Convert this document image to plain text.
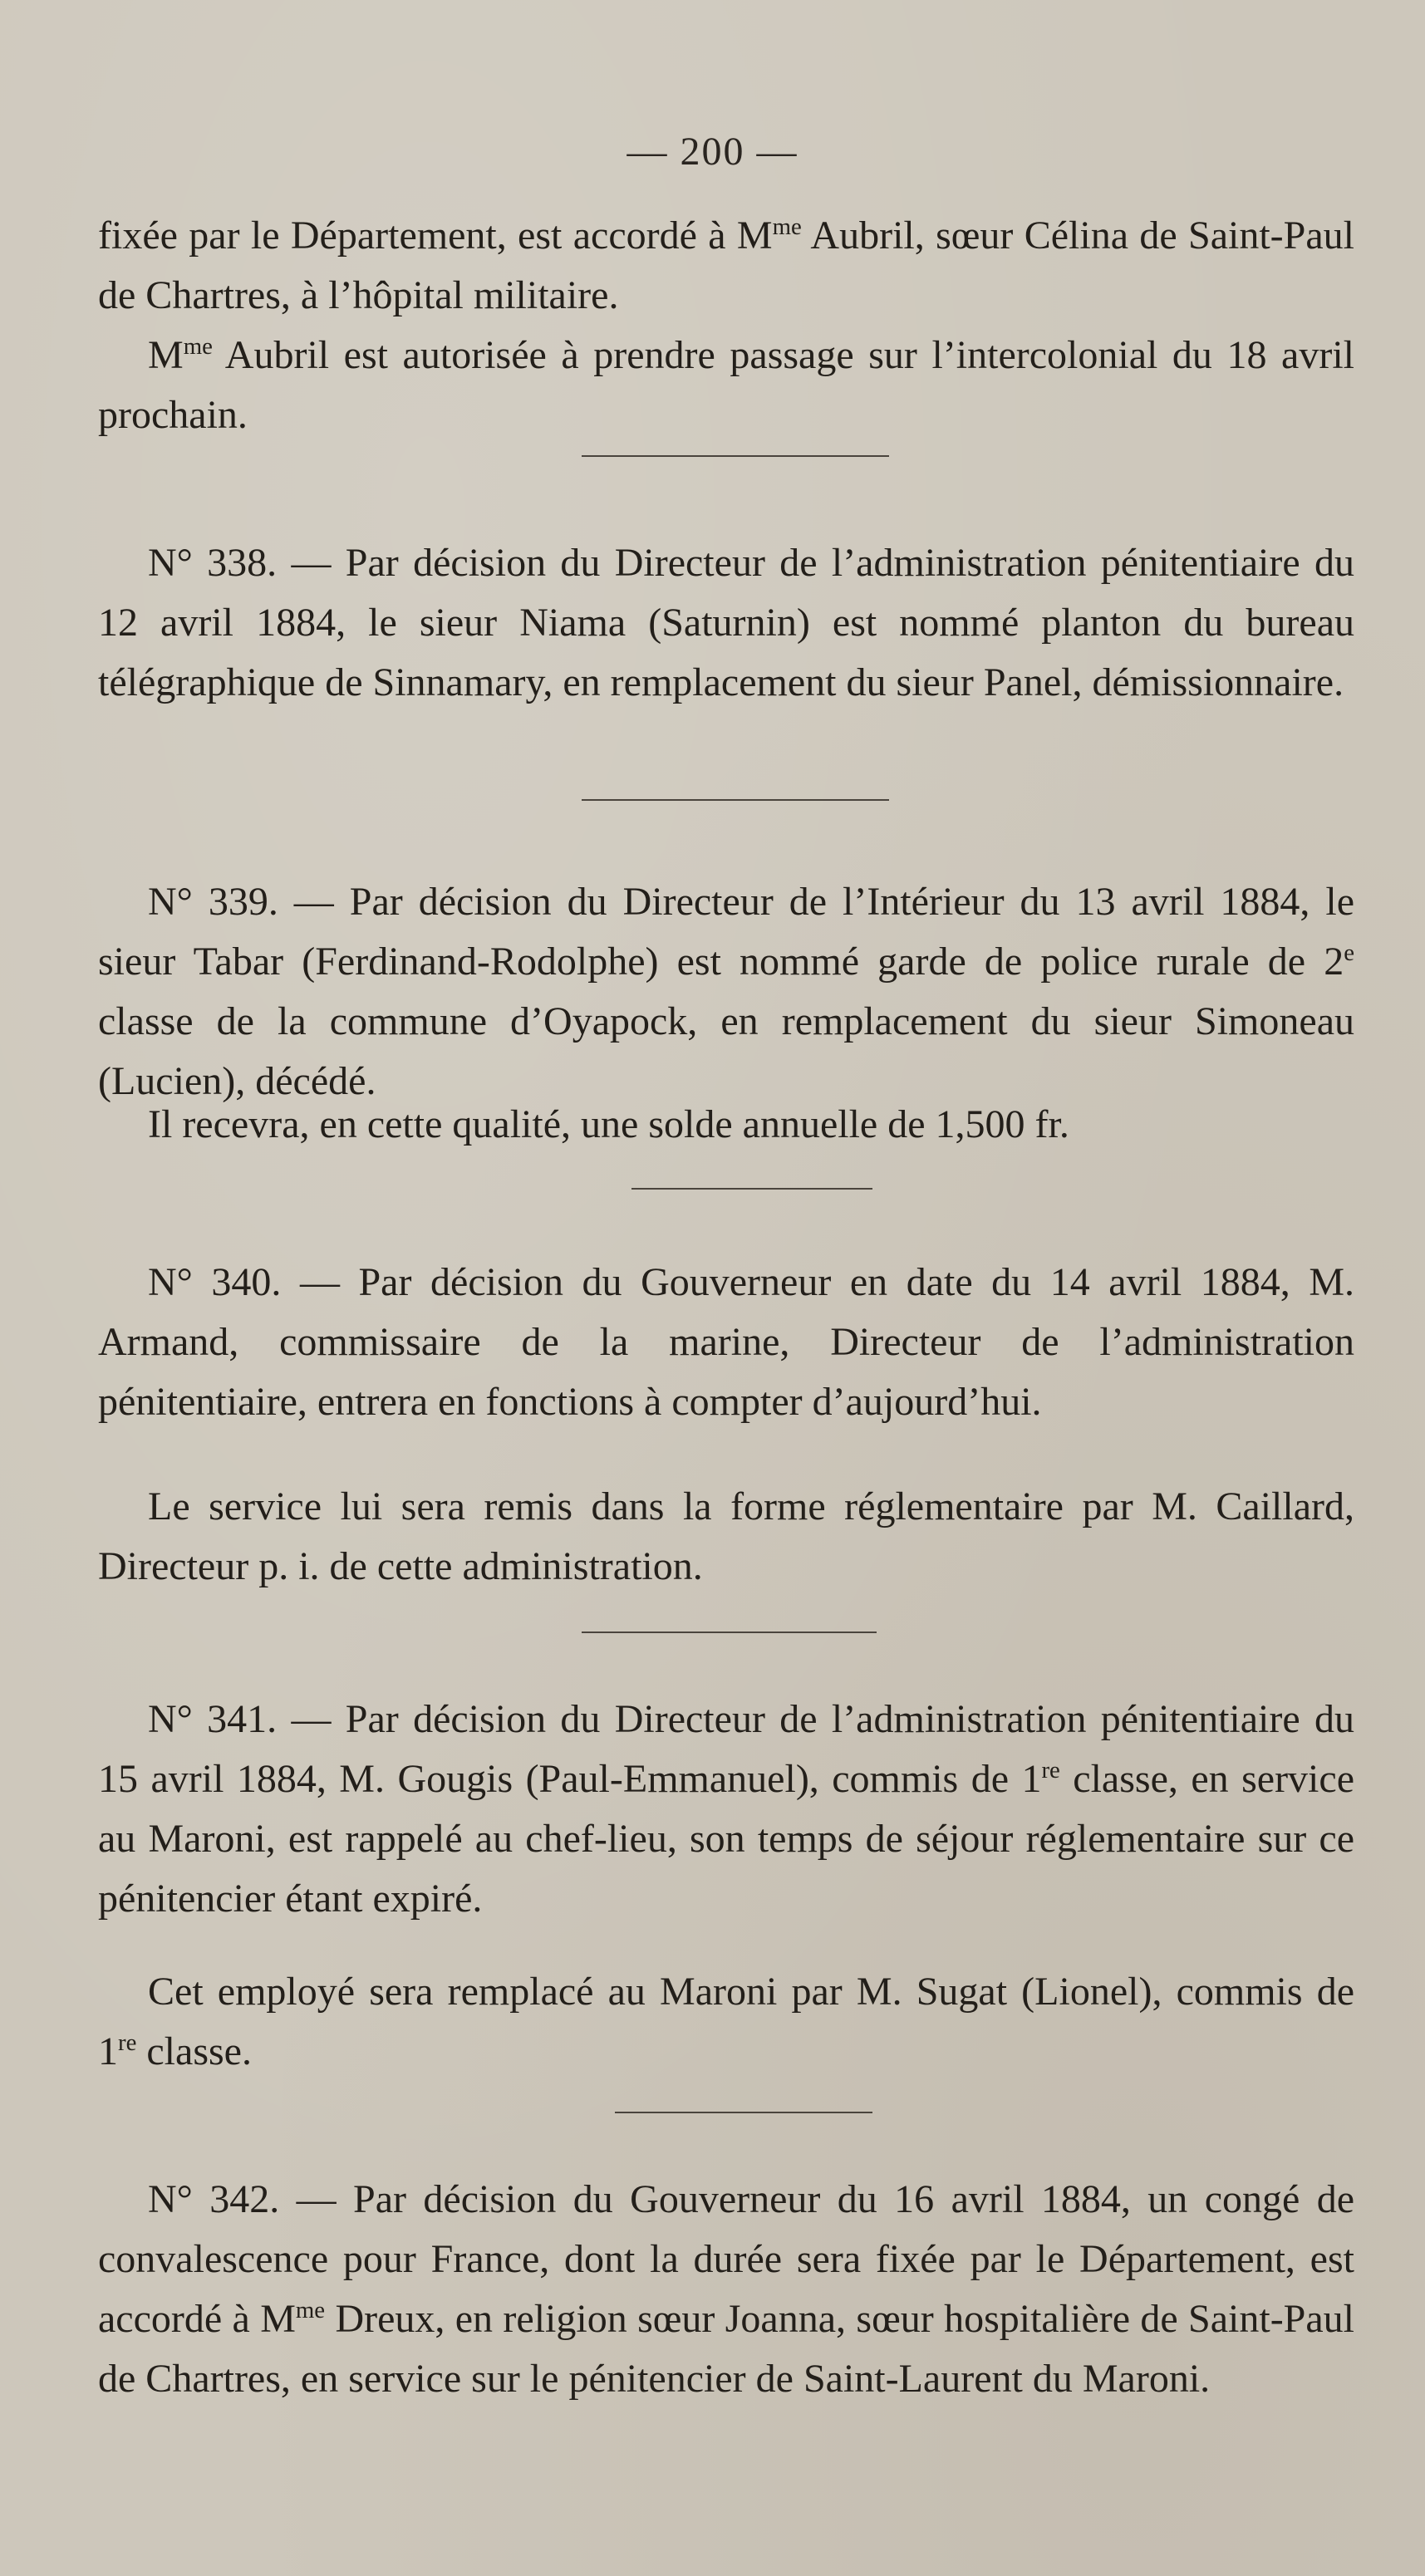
— 200 —

fixée par le Département, est accordé à $M^{me}$ Aubril, sœur Célina de Saint-Paul de Chartres, à l’hôpital militaire.

$M^{me}$ Aubril est autorisée à prendre passage sur l’intercolonial du 18 avril prochain.

N° 338. — Par décision du Directeur de l’administration pénitentiaire du 12 avril 1884, le sieur Niama (Saturnin) est nommé planton du bureau télégraphique de Sinnamary, en remplacement du sieur Panel, démissionnaire.

N° 339. — Par décision du Directeur de l’Intérieur du 13 avril 1884, le sieur Tabar (Ferdinand-Rodolphe) est nommé garde de police rurale de 2e classe de la commune d’Oyapock, en remplacement du sieur Simoneau (Lucien), décédé.

Il recevra, en cette qualité, une solde annuelle de 1,500 fr.

N° 340. — Par décision du Gouverneur en date du 14 avril 1884, M. Armand, commissaire de la marine, Directeur de l’administration pénitentiaire, entrera en fonctions à compter d’aujourd’hui.

Le service lui sera remis dans la forme réglementaire par M. Caillard, Directeur p. i. de cette administration.

N° 341. — Par décision du Directeur de l’administration pénitentiaire du 15 avril 1884, M. Gougis (Paul-Emmanuel), commis de 1re classe, en service au Maroni, est rappelé au chef-lieu, son temps de séjour réglementaire sur ce pénitencier étant expiré.

Cet employé sera remplacé au Maroni par M. Sugat (Lionel), commis de 1re classe.

N° 342. — Par décision du Gouverneur du 16 avril 1884, un congé de convalescence pour France, dont la durée sera fixée par le Département, est accordé à $M^{me}$ Dreux, en religion sœur Joanna, sœur hospitalière de Saint-Paul de Chartres, en service sur le pénitencier de Saint-Laurent du Maroni.
